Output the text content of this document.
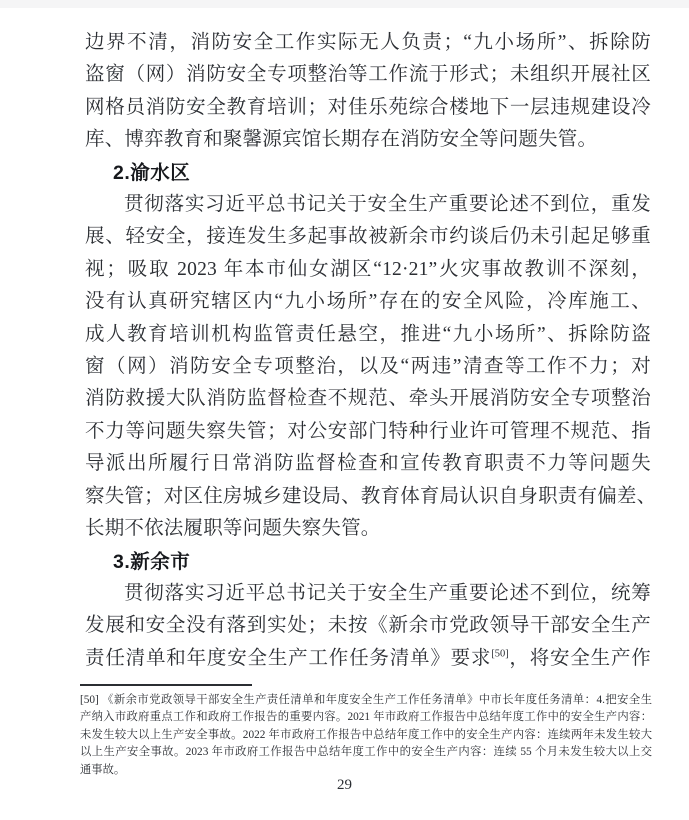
边界不清，消防安全工作实际无人负责；“九小场所”、拆除防
盗窗（网）消防安全专项整治等工作流于形式；未组织开展社区
网格员消防安全教育培训；对佳乐苑综合楼地下一层违规建设冷
库、博弈教育和聚馨源宾馆长期存在消防安全等问题失管。
2.渝水区
贯彻落实习近平总书记关于安全生产重要论述不到位，重发
展、轻安全，接连发生多起事故被新余市约谈后仍未引起足够重
视；吸取 2023 年本市仙女湖区“12·21”火灾事故教训不深刻，
没有认真研究辖区内“九小场所”存在的安全风险，冷库施工、
成人教育培训机构监管责任悬空，推进“九小场所”、拆除防盗
窗（网）消防安全专项整治，以及“两违”清查等工作不力；对
消防救援大队消防监督检查不规范、牵头开展消防安全专项整治
不力等问题失察失管；对公安部门特种行业许可管理不规范、指
导派出所履行日常消防监督检查和宣传教育职责不力等问题失
察失管；对区住房城乡建设局、教育体育局认识自身职责有偏差、
长期不依法履职等问题失察失管。
3.新余市
贯彻落实习近平总书记关于安全生产重要论述不到位，统筹
发展和安全没有落到实处；未按《新余市党政领导干部安全生产
责任清单和年度安全生产工作任务清单》要求[50]，将安全生产作
[50] 《新余市党政领导干部安全生产责任清单和年度安全生产工作任务清单》中市长年度任务清单：4.把安全生
产纳入市政府重点工作和政府工作报告的重要内容。2021 年市政府工作报告中总结年度工作中的安全生产内容：
未发生较大以上生产安全事故。2022 年市政府工作报告中总结年度工作中的安全生产内容：连续两年未发生较大
以上生产安全事故。2023 年市政府工作报告中总结年度工作中的安全生产内容：连续 55 个月未发生较大以上交
通事故。
29
